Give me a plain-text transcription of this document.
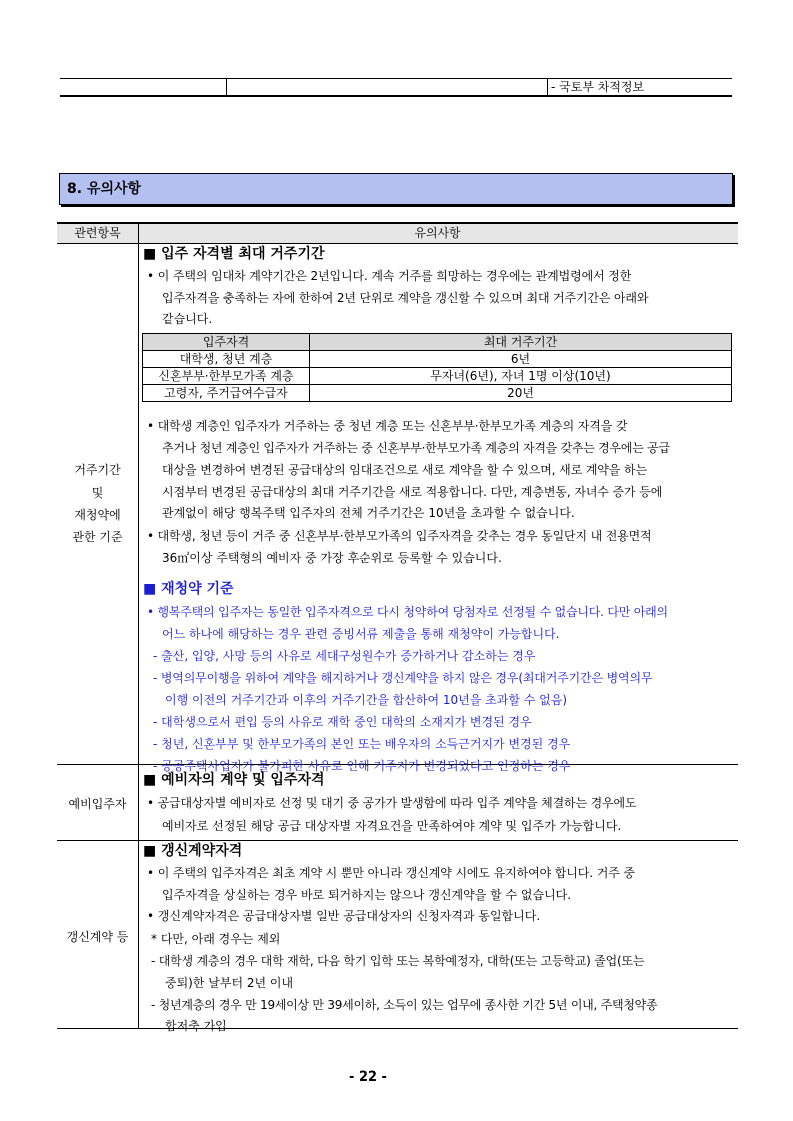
- 국토부 차적정보
8. 유의사항
관련항목	유의사항
거주기간
및
재청약에
관한 기준
■ 입주 자격별 최대 거주기간
• 이 주택의 임대차 계약기간은 2년입니다. 계속 거주를 희망하는 경우에는 관계법령에서 정한
입주자격을 충족하는 자에 한하여 2년 단위로 계약을 갱신할 수 있으며 최대 거주기간은 아래와
같습니다.
입주자격	최대 거주기간
대학생, 청년 계층	6년
신혼부부·한부모가족 계층	무자녀(6년), 자녀 1명 이상(10년)
고령자, 주거급여수급자	20년
• 대학생 계층인 입주자가 거주하는 중 청년 계층 또는 신혼부부·한부모가족 계층의 자격을 갖
추거나 청년 계층인 입주자가 거주하는 중 신혼부부·한부모가족 계층의 자격을 갖추는 경우에는 공급
대상을 변경하여 변경된 공급대상의 임대조건으로 새로 계약을 할 수 있으며, 새로 계약을 하는
시점부터 변경된 공급대상의 최대 거주기간을 새로 적용합니다. 다만, 계층변동, 자녀수 증가 등에
관계없이 해당 행복주택 입주자의 전체 거주기간은 10년을 초과할 수 없습니다.
• 대학생, 청년 등이 거주 중 신혼부부·한부모가족의 입주자격을 갖추는 경우 동일단지 내 전용면적
36㎡이상 주택형의 예비자 중 가장 후순위로 등록할 수 있습니다.
■ 재청약 기준
• 행복주택의 입주자는 동일한 입주자격으로 다시 청약하여 당첨자로 선정될 수 없습니다. 다만 아래의
어느 하나에 해당하는 경우 관련 증빙서류 제출을 통해 재청약이 가능합니다.
- 출산, 입양, 사망 등의 사유로 세대구성원수가 증가하거나 감소하는 경우
- 병역의무이행을 위하여 계약을 해지하거나 갱신계약을 하지 않은 경우(최대거주기간은 병역의무
이행 이전의 거주기간과 이후의 거주기간을 합산하여 10년을 초과할 수 없음)
- 대학생으로서 편입 등의 사유로 재학 중인 대학의 소재지가 변경된 경우
- 청년, 신혼부부 및 한부모가족의 본인 또는 배우자의 소득근거지가 변경된 경우
- 공공주택사업자가 불가피한 사유로 인해 거주지가 변경되었다고 인정하는 경우
예비입주자
■ 예비자의 계약 및 입주자격
• 공급대상자별 예비자로 선정 및 대기 중 공가가 발생함에 따라 입주 계약을 체결하는 경우에도
예비자로 선정된 해당 공급 대상자별 자격요건을 만족하여야 계약 및 입주가 가능합니다.
갱신계약 등
■ 갱신계약자격
• 이 주택의 입주자격은 최초 계약 시 뿐만 아니라 갱신계약 시에도 유지하여야 합니다. 거주 중
입주자격을 상실하는 경우 바로 퇴거하지는 않으나 갱신계약을 할 수 없습니다.
• 갱신계약자격은 공급대상자별 일반 공급대상자의 신청자격과 동일합니다.
* 다만, 아래 경우는 제외
- 대학생 계층의 경우 대학 재학, 다음 학기 입학 또는 복학예정자, 대학(또는 고등학교) 졸업(또는
중퇴)한 날부터 2년 이내
- 청년계층의 경우 만 19세이상 만 39세이하, 소득이 있는 업무에 종사한 기간 5년 이내, 주택청약종
합저축 가입
- 22 -
